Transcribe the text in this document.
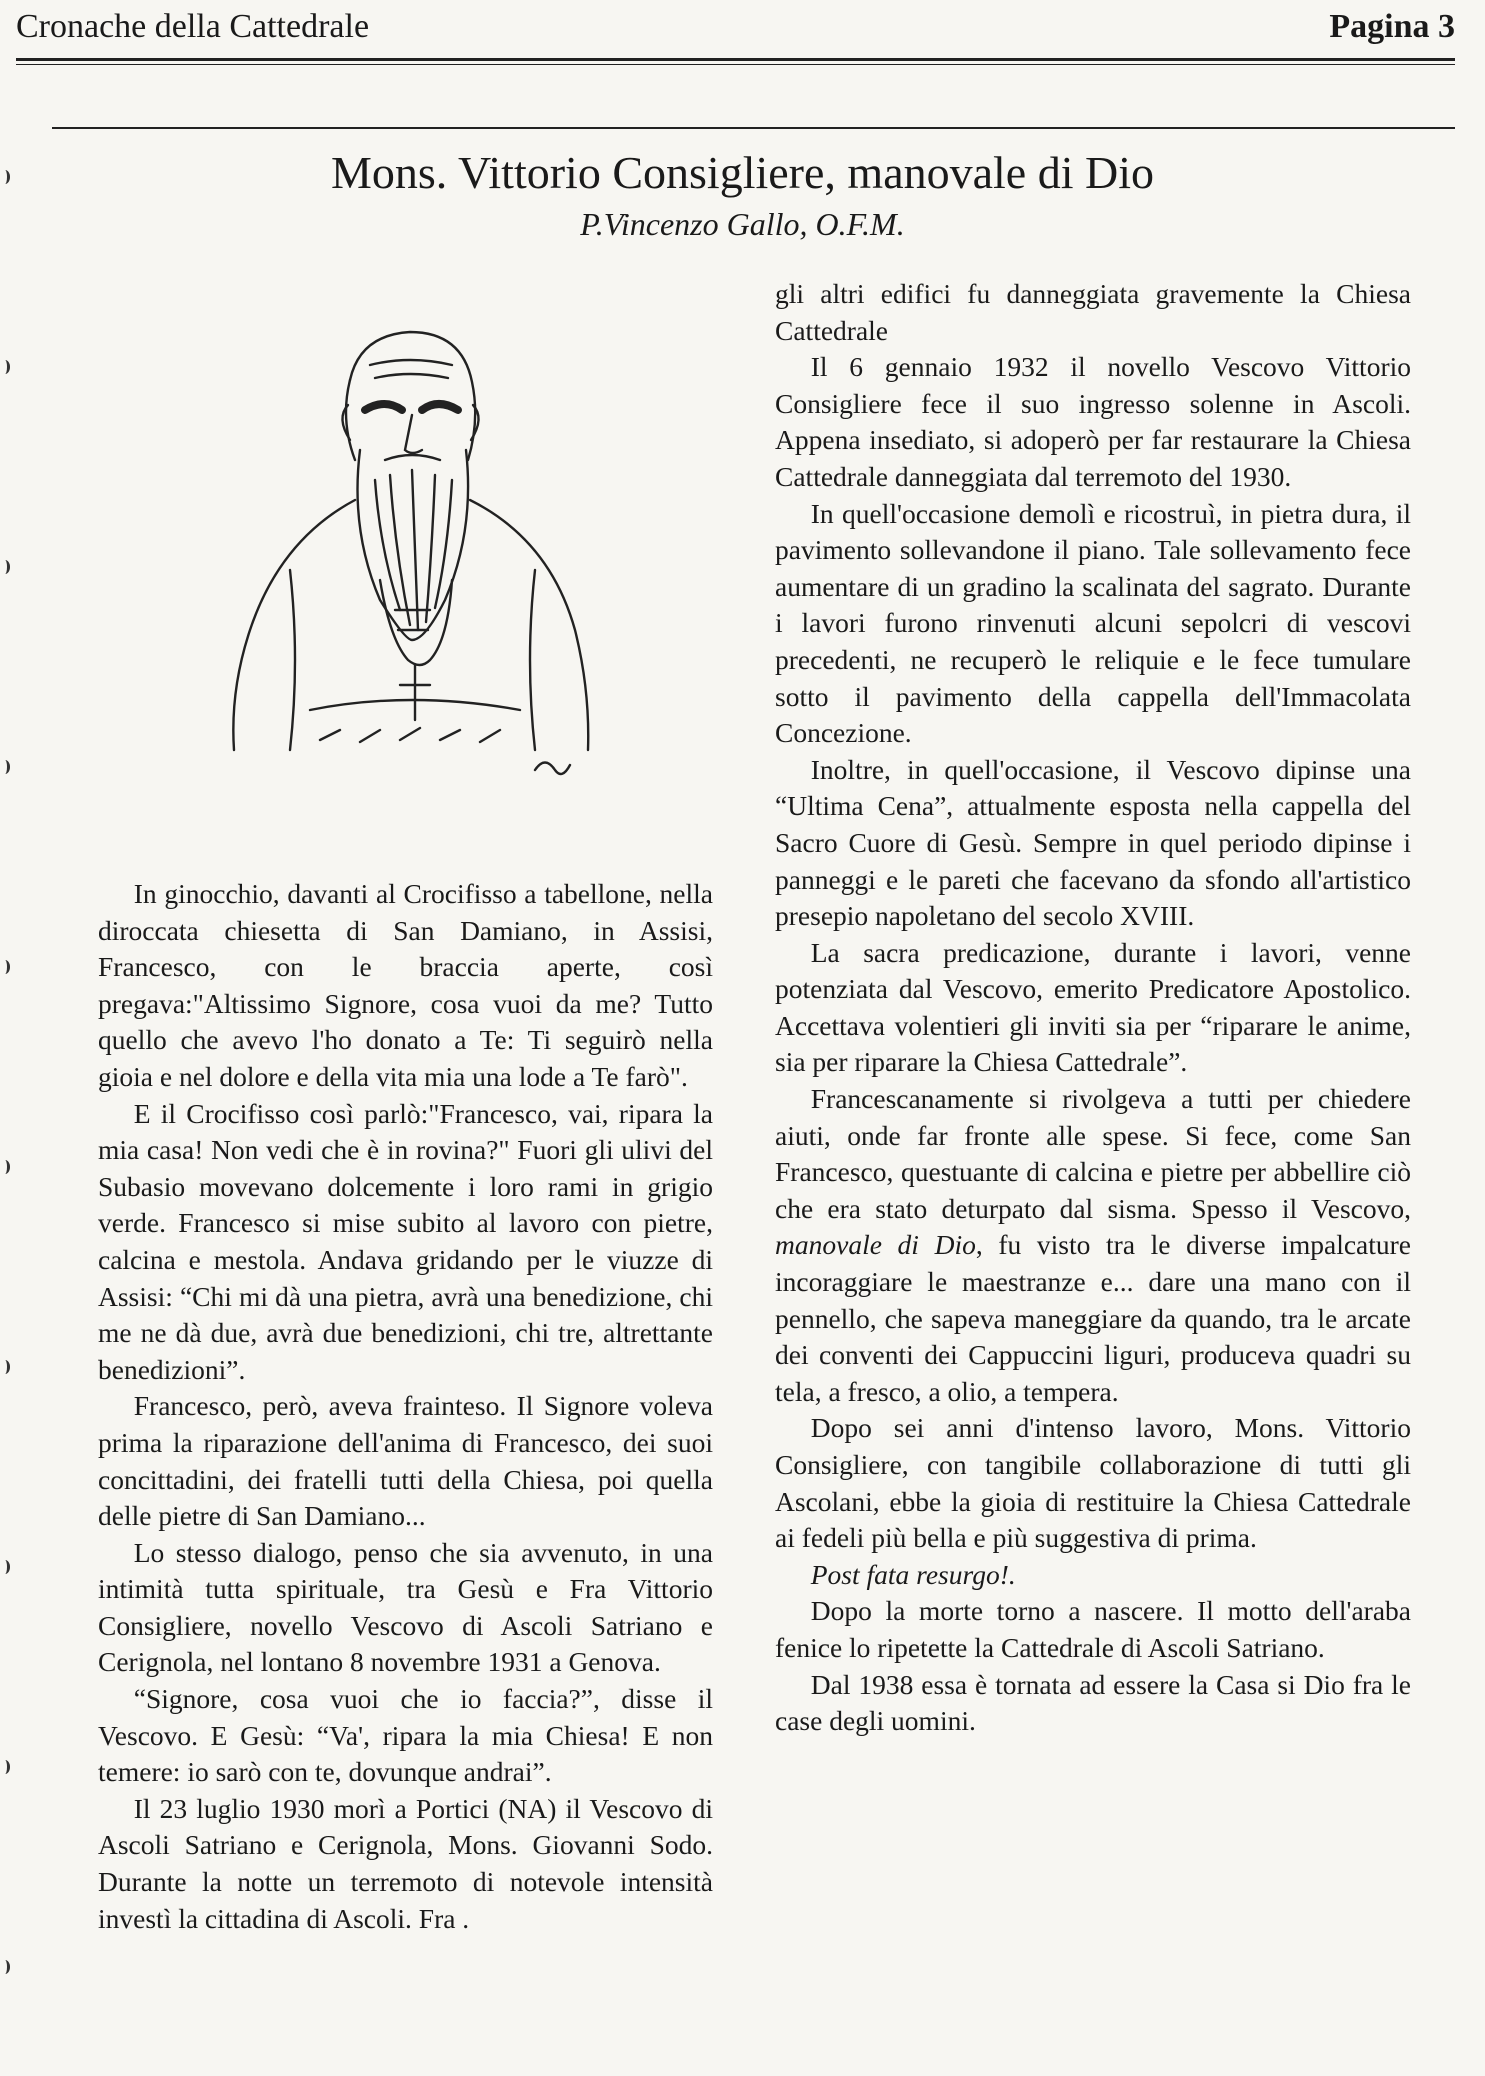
Cronache della Cattedrale	Pagina 3
Mons. Vittorio Consigliere, manovale di Dio
P.Vincenzo Gallo, O.F.M.

In ginocchio, davanti al Crocifisso a tabellone, nella diroccata chiesetta di San Damiano, in Assisi, Francesco, con le braccia aperte, così pregava:"Altissimo Signore, cosa vuoi da me? Tutto quello che avevo l'ho donato a Te: Ti seguirò nella gioia e nel dolore e della vita mia una lode a Te farò".

E il Crocifisso così parlò:"Francesco, vai, ripara la mia casa! Non vedi che è in rovina?" Fuori gli ulivi del Subasio movevano dolcemente i loro rami in grigio verde. Francesco si mise subito al lavoro con pietre, calcina e mestola. Andava gridando per le viuzze di Assisi: “Chi mi dà una pietra, avrà una benedizione, chi me ne dà due, avrà due benedizioni, chi tre, altrettante benedizioni”.

Francesco, però, aveva frainteso. Il Signore voleva prima la riparazione dell'anima di Francesco, dei suoi concittadini, dei fratelli tutti della Chiesa, poi quella delle pietre di San Damiano...

Lo stesso dialogo, penso che sia avvenuto, in una intimità tutta spirituale, tra Gesù e Fra Vittorio Consigliere, novello Vescovo di Ascoli Satriano e Cerignola, nel lontano 8 novembre 1931 a Genova.

“Signore, cosa vuoi che io faccia?”, disse il Vescovo. E Gesù: “Va', ripara la mia Chiesa! E non temere: io sarò con te, dovunque andrai”.

Il 23 luglio 1930 morì a Portici (NA) il Vescovo di Ascoli Satriano e Cerignola, Mons. Giovanni Sodo. Durante la notte un terremoto di notevole intensità investì la cittadina di Ascoli. Fra .

gli altri edifici fu danneggiata gravemente la Chiesa Cattedrale

Il 6 gennaio 1932 il novello Vescovo Vittorio Consigliere fece il suo ingresso solenne in Ascoli. Appena insediato, si adoperò per far restaurare la Chiesa Cattedrale danneggiata dal terremoto del 1930.

In quell'occasione demolì e ricostruì, in pietra dura, il pavimento sollevandone il piano. Tale sollevamento fece aumentare di un gradino la scalinata del sagrato. Durante i lavori furono rinvenuti alcuni sepolcri di vescovi precedenti, ne recuperò le reliquie e le fece tumulare sotto il pavimento della cappella dell'Immacolata Concezione.

Inoltre, in quell'occasione, il Vescovo dipinse una “Ultima Cena”, attualmente esposta nella cappella del Sacro Cuore di Gesù. Sempre in quel periodo dipinse i panneggi e le pareti che facevano da sfondo all'artistico presepio napoletano del secolo XVIII.

La sacra predicazione, durante i lavori, venne potenziata dal Vescovo, emerito Predicatore Apostolico. Accettava volentieri gli inviti sia per “riparare le anime, sia per riparare la Chiesa Cattedrale”.

Francescanamente si rivolgeva a tutti per chiedere aiuti, onde far fronte alle spese. Si fece, come San Francesco, questuante di calcina e pietre per abbellire ciò che era stato deturpato dal sisma. Spesso il Vescovo, manovale di Dio, fu visto tra le diverse impalcature incoraggiare le maestranze e... dare una mano con il pennello, che sapeva maneggiare da quando, tra le arcate dei conventi dei Cappuccini liguri, produceva quadri su tela, a fresco, a olio, a tempera.

Dopo sei anni d'intenso lavoro, Mons. Vittorio Consigliere, con tangibile collaborazione di tutti gli Ascolani, ebbe la gioia di restituire la Chiesa Cattedrale ai fedeli più bella e più suggestiva di prima.

Post fata resurgo!.

Dopo la morte torno a nascere. Il motto dell'araba fenice lo ripetette la Cattedrale di Ascoli Satriano.

Dal 1938 essa è tornata ad essere la Casa si Dio fra le case degli uomini.
